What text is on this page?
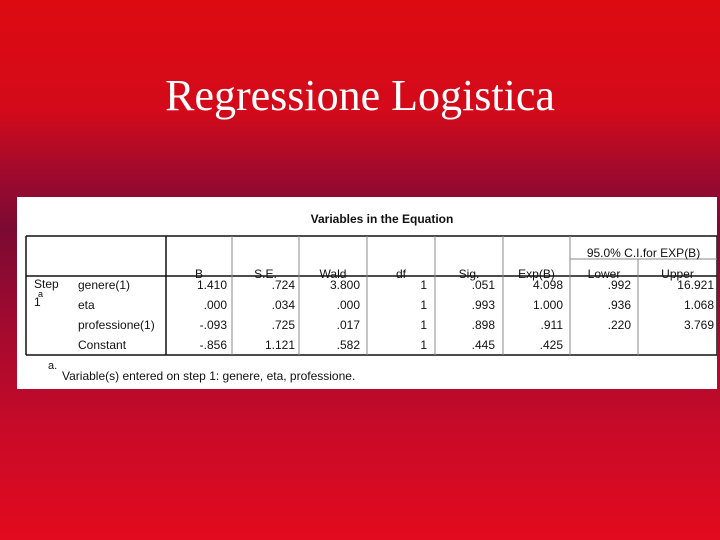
Regressione Logistica
Variables in the Equation
95.0% C.I.for EXP(B)
B	S.E.	Wald	df	Sig.	Exp(B)	Lower	Upper
Step
a
1
genere(1)	1.410	.724	3.800	1	.051	4.098	.992	16.921
eta	.000	.034	.000	1	.993	1.000	.936	1.068
professione(1)	-.093	.725	.017	1	.898	.911	.220	3.769
Constant	-.856	1.121	.582	1	.445	.425
a.
Variable(s) entered on step 1: genere, eta, professione.
